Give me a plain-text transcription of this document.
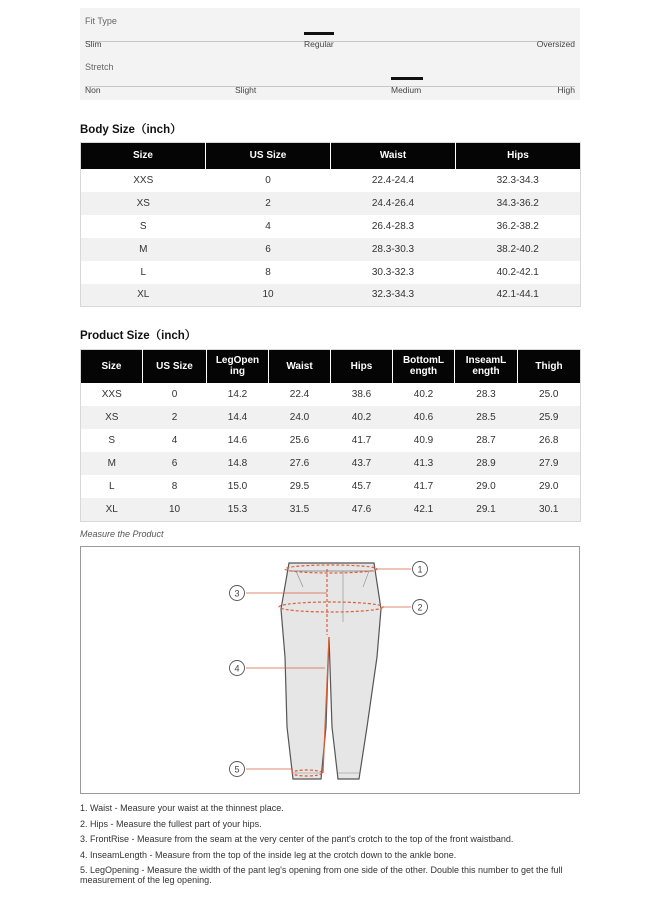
Fit Type
Slim	Regular	Oversized
Stretch
Non	Slight	Medium	High
Body Size（inch）
Size	US Size	Waist	Hips
XXS	0	22.4-24.4	32.3-34.3
XS	2	24.4-26.4	34.3-36.2
S	4	26.4-28.3	36.2-38.2
M	6	28.3-30.3	38.2-40.2
L	8	30.3-32.3	40.2-42.1
XL	10	32.3-34.3	42.1-44.1
Product Size（inch）
Size	US Size	LegOpen ing	Waist	Hips	BottomL ength	InseamL ength	Thigh
XXS	0	14.2	22.4	38.6	40.2	28.3	25.0
XS	2	14.4	24.0	40.2	40.6	28.5	25.9
S	4	14.6	25.6	41.7	40.9	28.7	26.8
M	6	14.8	27.6	43.7	41.3	28.9	27.9
L	8	15.0	29.5	45.7	41.7	29.0	29.0
XL	10	15.3	31.5	47.6	42.1	29.1	30.1
Measure the Product
1
2
3
4
5
1. Waist - Measure your waist at the thinnest place.
2. Hips - Measure the fullest part of your hips.
3. FrontRise - Measure from the seam at the very center of the pant's crotch to the top of the front waistband.
4. InseamLength - Measure from the top of the inside leg at the crotch down to the ankle bone.
5. LegOpening - Measure the width of the pant leg's opening from one side of the other. Double this number to get the full measurement of the leg opening.
